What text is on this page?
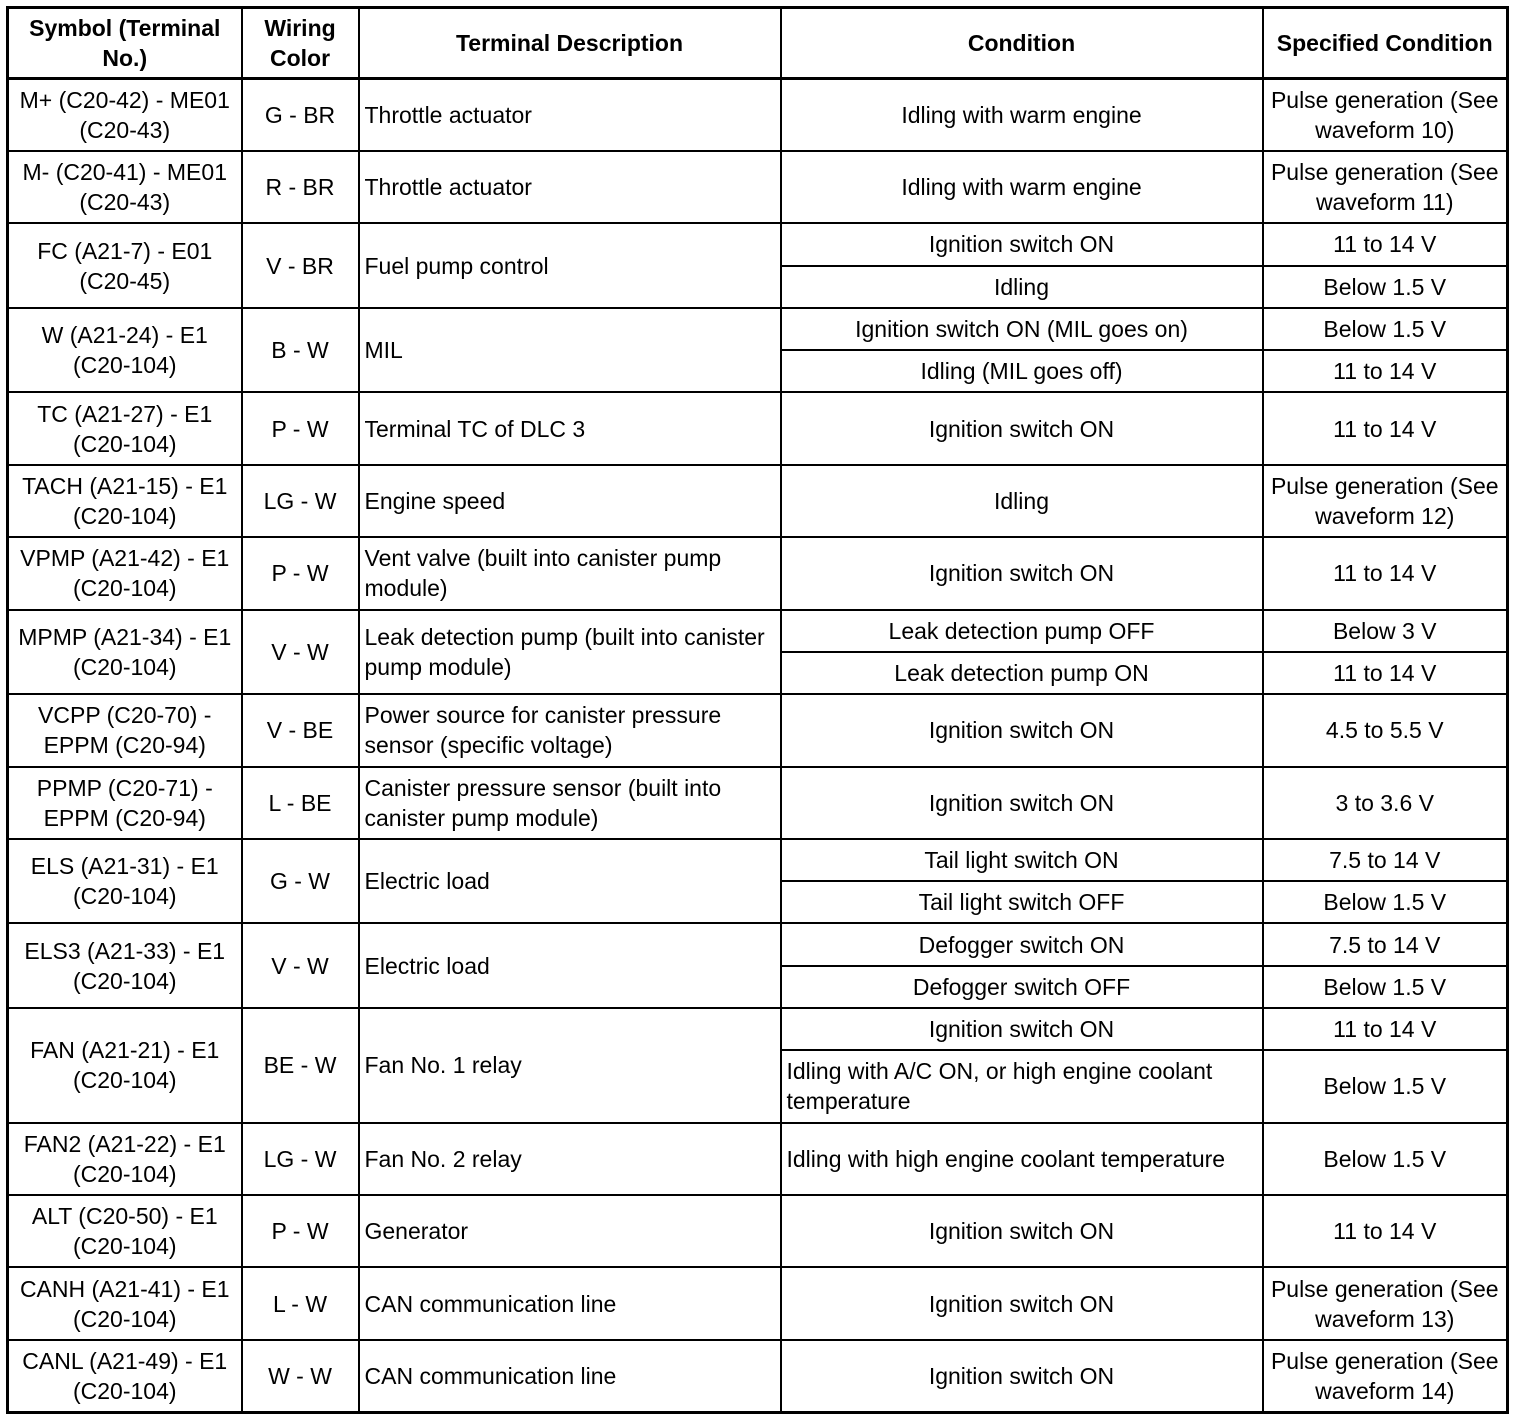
Symbol (Terminal No.)	Wiring Color	Terminal Description	Condition	Specified Condition
M+ (C20-42) - ME01 (C20-43)	G - BR	Throttle actuator	Idling with warm engine	Pulse generation (See waveform 10)
M- (C20-41) - ME01 (C20-43)	R - BR	Throttle actuator	Idling with warm engine	Pulse generation (See waveform 11)
FC (A21-7) - E01 (C20-45)	V - BR	Fuel pump control	Ignition switch ON	11 to 14 V
			Idling	Below 1.5 V
W (A21-24) - E1 (C20-104)	B - W	MIL	Ignition switch ON (MIL goes on)	Below 1.5 V
			Idling (MIL goes off)	11 to 14 V
TC (A21-27) - E1 (C20-104)	P - W	Terminal TC of DLC 3	Ignition switch ON	11 to 14 V
TACH (A21-15) - E1 (C20-104)	LG - W	Engine speed	Idling	Pulse generation (See waveform 12)
VPMP (A21-42) - E1 (C20-104)	P - W	Vent valve (built into canister pump module)	Ignition switch ON	11 to 14 V
MPMP (A21-34) - E1 (C20-104)	V - W	Leak detection pump (built into canister pump module)	Leak detection pump OFF	Below 3 V
			Leak detection pump ON	11 to 14 V
VCPP (C20-70) - EPPM (C20-94)	V - BE	Power source for canister pressure sensor (specific voltage)	Ignition switch ON	4.5 to 5.5 V
PPMP (C20-71) - EPPM (C20-94)	L - BE	Canister pressure sensor (built into canister pump module)	Ignition switch ON	3 to 3.6 V
ELS (A21-31) - E1 (C20-104)	G - W	Electric load	Tail light switch ON	7.5 to 14 V
			Tail light switch OFF	Below 1.5 V
ELS3 (A21-33) - E1 (C20-104)	V - W	Electric load	Defogger switch ON	7.5 to 14 V
			Defogger switch OFF	Below 1.5 V
FAN (A21-21) - E1 (C20-104)	BE - W	Fan No. 1 relay	Ignition switch ON	11 to 14 V
			Idling with A/C ON, or high engine coolant temperature	Below 1.5 V
FAN2 (A21-22) - E1 (C20-104)	LG - W	Fan No. 2 relay	Idling with high engine coolant temperature	Below 1.5 V
ALT (C20-50) - E1 (C20-104)	P - W	Generator	Ignition switch ON	11 to 14 V
CANH (A21-41) - E1 (C20-104)	L - W	CAN communication line	Ignition switch ON	Pulse generation (See waveform 13)
CANL (A21-49) - E1 (C20-104)	W - W	CAN communication line	Ignition switch ON	Pulse generation (See waveform 14)
